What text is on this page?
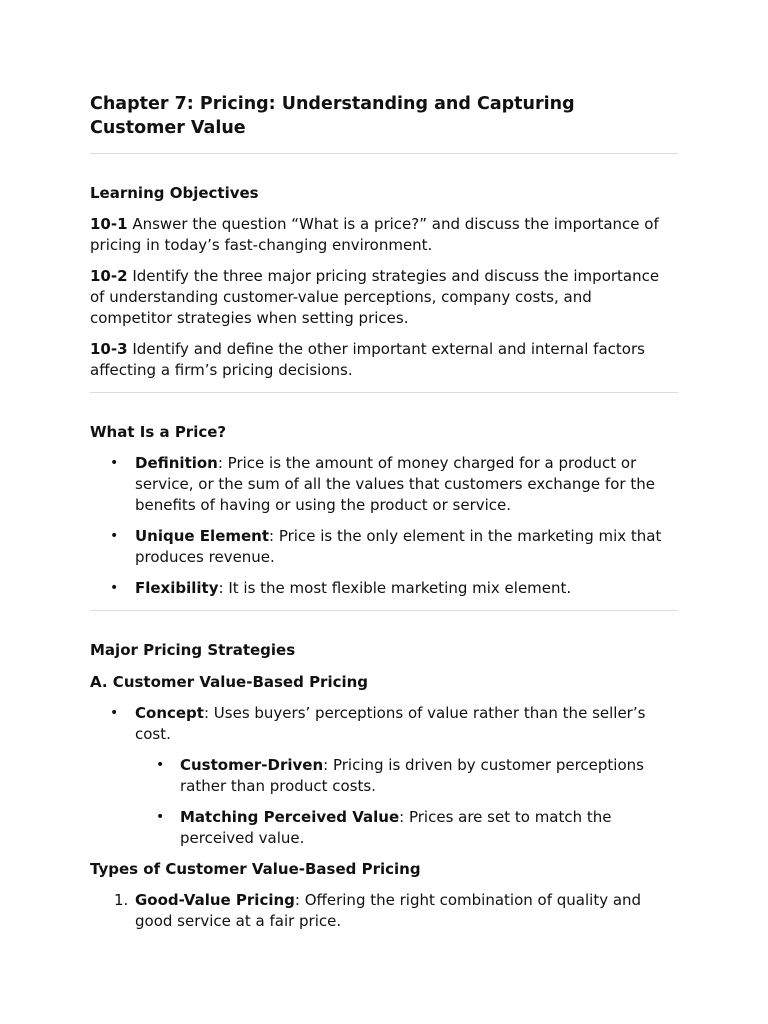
Chapter 7: Pricing: Understanding and Capturing Customer Value
Learning Objectives

10-1 Answer the question “What is a price?” and discuss the importance of pricing in today’s fast-changing environment.

10-2 Identify the three major pricing strategies and discuss the importance of understanding customer-value perceptions, company costs, and competitor strategies when setting prices.

10-3 Identify and define the other important external and internal factors affecting a firm’s pricing decisions.

What Is a Price?
• Definition: Price is the amount of money charged for a product or service, or the sum of all the values that customers exchange for the benefits of having or using the product or service.
• Unique Element: Price is the only element in the marketing mix that produces revenue.
• Flexibility: It is the most flexible marketing mix element.
Major Pricing Strategies
A. Customer Value-Based Pricing
• Concept: Uses buyers’ perceptions of value rather than the seller’s cost.
• Customer-Driven: Pricing is driven by customer perceptions rather than product costs.
• Matching Perceived Value: Prices are set to match the perceived value.
Types of Customer Value-Based Pricing
1. Good-Value Pricing: Offering the right combination of quality and good service at a fair price.
